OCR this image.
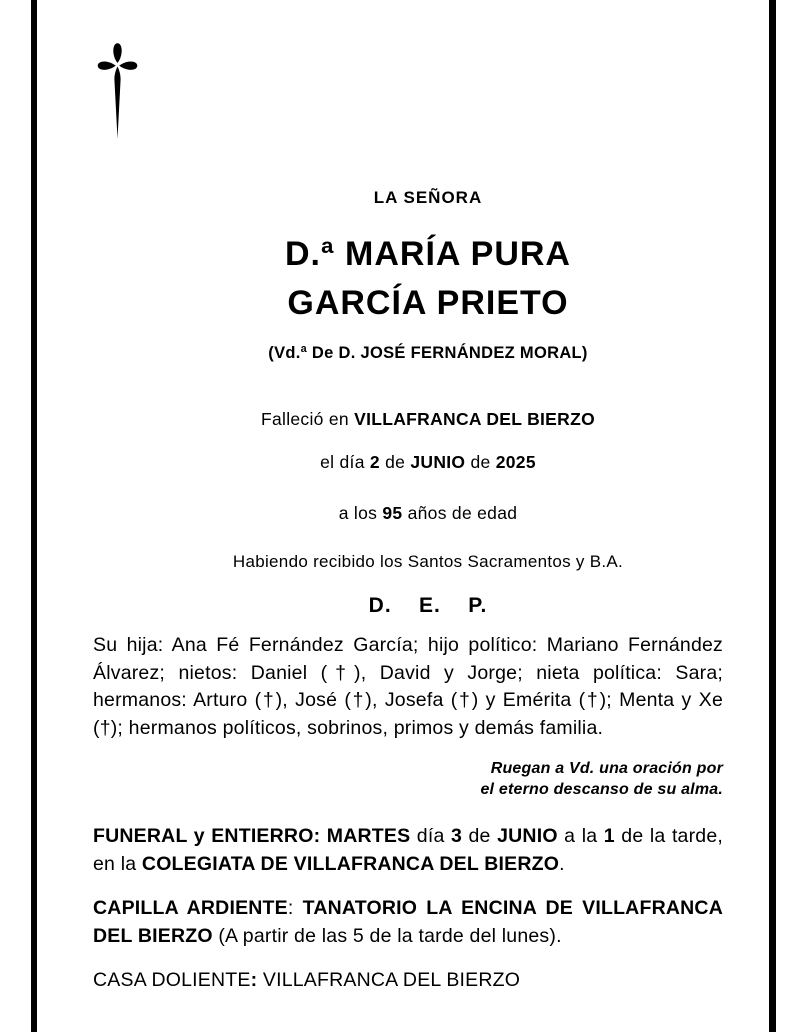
LA SEÑORA
D.ª MARÍA PURA
GARCÍA PRIETO
(Vd.ª De D. JOSÉ FERNÁNDEZ MORAL)
Falleció en VILLAFRANCA DEL BIERZO
el día 2 de JUNIO de 2025
a los 95 años de edad
Habiendo recibido los Santos Sacramentos y B.A.
D.    E.    P.

Su hija: Ana Fé Fernández García; hijo político: Mariano Fernández Álvarez; nietos: Daniel (†), David y Jorge; nieta política: Sara; hermanos: Arturo (†), José (†), Josefa (†) y Emérita (†); Menta y Xe (†); hermanos políticos, sobrinos, primos y demás familia.

Ruegan a Vd. una oración por
el eterno descanso de su alma.

FUNERAL y ENTIERRO: MARTES día 3 de JUNIO a la 1 de la tarde, en la COLEGIATA DE VILLAFRANCA DEL BIERZO.

CAPILLA ARDIENTE: TANATORIO LA ENCINA DE VILLAFRANCA DEL BIERZO (A partir de las 5 de la tarde del lunes).

CASA DOLIENTE: VILLAFRANCA DEL BIERZO
